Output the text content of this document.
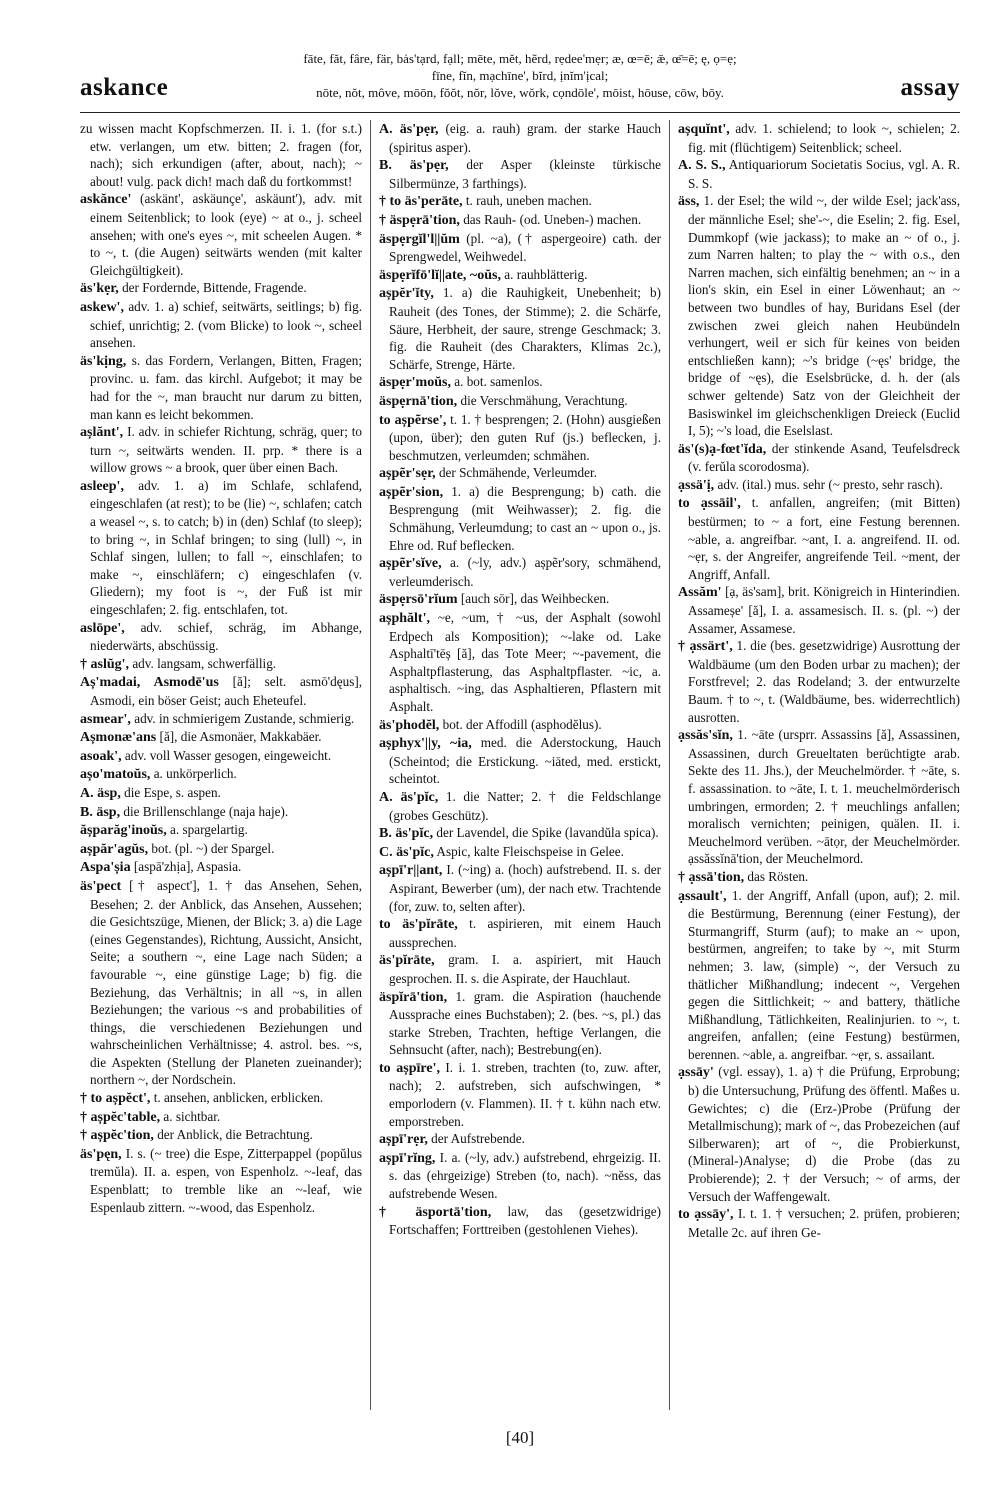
askance
fāte, făt, fâre, fär, bȧs'tạrd, fạll; mēte, mĕt, hẽrd, rẹdee'mẹr; æ, œ=ē; ǣ, œ̄=ē; ę, ọ=ẹ;
fīne, fĭn, mạchīne', bĭrd, ịnĭm'ịcal;
nōte, nŏt, môve, mōōn, fŏŏt, nŏr, lŏve, wŏrk, cọndōle', mōist, hōuse, cōw, bōy.	assay

zu wissen macht Kopfschmerzen. II. i. 1. (for s.t.) etw. verlangen, um etw. bitten; 2. fragen (for, nach); sich erkundigen (after, about, nach); ~ about! vulg. pack dich! mach daß du fortkommst!

askănce' (askänt', askäunçe', askäunt'), adv. mit einem Seitenblick; to look (eye) ~ at o., j. scheel ansehen; with one's eyes ~, mit scheelen Augen. * to ~, t. (die Augen) seitwärts wenden (mit kalter Gleichgültigkeit).

äs'kẹr, der Fordernde, Bittende, Fragende.

askew', adv. 1. a) schief, seitwärts, seitlings; b) fig. schief, unrichtig; 2. (vom Blicke) to look ~, scheel ansehen.

äs'kịng, s. das Fordern, Verlangen, Bitten, Fragen; provinc. u. fam. das kirchl. Aufgebot; it may be had for the ~, man braucht nur darum zu bitten, man kann es leicht bekommen.

așlănt', I. adv. in schiefer Richtung, schräg, quer; to turn ~, seitwärts wenden. II. prp. * there is a willow grows ~ a brook, quer über einen Bach.

asleep', adv. 1. a) im Schlafe, schlafend, eingeschlafen (at rest); to be (lie) ~, schlafen; catch a weasel ~, s. to catch; b) in (den) Schlaf (to sleep); to bring ~, in Schlaf bringen; to sing (lull) ~, in Schlaf singen, lullen; to fall ~, einschlafen; to make ~, einschläfern; c) eingeschlafen (v. Gliedern); my foot is ~, der Fuß ist mir eingeschlafen; 2. fig. entschlafen, tot.

aslōpe', adv. schief, schräg, im Abhange, niederwärts, abschüssig.

† aslŭg', adv. langsam, schwerfällig.

Aș'madai, Asmodē'us [ă]; selt. asmō'dęus], Asmodi, ein böser Geist; auch Eheteufel.

asmear', adv. in schmierigem Zustande, schmierig.

Așmonæ'ans [ă], die Asmonäer, Makkabäer.

asoak', adv. voll Wasser gesogen, eingeweicht.

așo'matoŭs, a. unkörperlich.

A. äsp, die Espe, s. aspen.

B. äsp, die Brillenschlange (naja haje).

ășparăg'inoŭs, a. spargelartig.

așpăr'agŭs, bot. (pl. ~) der Spargel.

Aspa'șia [aspā'zhịa], Aspasia.

äs'pect [† aspect'], 1. † das Ansehen, Sehen, Besehen; 2. der Anblick, das Ansehen, Aussehen; die Gesichtszüge, Mienen, der Blick; 3. a) die Lage (eines Gegenstandes), Richtung, Aussicht, Ansicht, Seite; a southern ~, eine Lage nach Süden; a favourable ~, eine günstige Lage; b) fig. die Beziehung, das Verhältnis; in all ~s, in allen Beziehungen; the various ~s and probabilities of things, die verschiedenen Beziehungen und wahrscheinlichen Verhältnisse; 4. astrol. bes. ~s, die Aspekten (Stellung der Planeten zueinander); northern ~, der Nordschein.

† to așpĕct', t. ansehen, anblicken, erblicken.

† așpĕc'table, a. sichtbar.

† așpĕc'tion, der Anblick, die Betrachtung.

äs'pęn, I. s. (~ tree) die Espe, Zitterpappel (popŭlus tremŭla). II. a. espen, von Espenholz. ~-leaf, das Espenblatt; to tremble like an ~-leaf, wie Espenlaub zittern. ~-wood, das Espenholz.

A. äs'pẹr, (eig. a. rauh) gram. der starke Hauch (spiritus asper).

B. äs'pẹr, der Asper (kleinste türkische Silbermünze, 3 farthings).

† to äs'perāte, t. rauh, uneben machen.

† äspẹrā'tion, das Rauh- (od. Uneben-) machen.

äspẹrgĭl'l||ŭm (pl. ~a), († aspergeoire) cath. der Sprengwedel, Weihwedel.

äspẹrĭfō'lĭ||ate, ~oŭs, a. rauhblätterig.

așpĕr'ĭty, 1. a) die Rauhigkeit, Unebenheit; b) Rauheit (des Tones, der Stimme); 2. die Schärfe, Säure, Herbheit, der saure, strenge Geschmack; 3. fig. die Rauheit (des Charakters, Klimas 2c.), Schärfe, Strenge, Härte.

äspẹr'moŭs, a. bot. samenlos.

äspẹrnā'tion, die Verschmähung, Verachtung.

to așpẽrse', t. 1. † besprengen; 2. (Hohn) ausgießen (upon, über); den guten Ruf (js.) beflecken, j. beschmutzen, verleumden; schmähen.

așpẽr'sẹr, der Schmähende, Verleumder.

așpẽr'sion, 1. a) die Besprengung; b) cath. die Besprengung (mit Weihwasser); 2. fig. die Schmähung, Verleumdung; to cast an ~ upon o., js. Ehre od. Ruf beflecken.

așpẽr'sĭve, a. (~ly, adv.) așpẽr'sory, schmähend, verleumderisch.

äspẹrsō'rĭum [auch sōr], das Weihbecken.

așphălt', ~e, ~um, † ~us, der Asphalt (sowohl Erdpech als Komposition); ~-lake od. Lake Asphaltī'tēș [ă], das Tote Meer; ~-pavement, die Asphaltpflasterung, das Asphaltpflaster. ~ic, a. asphaltisch. ~ing, das Asphaltieren, Pflastern mit Asphalt.

äs'phodĕl, bot. der Affodill (asphodĕlus).

așphyx'||y, ~ia, med. die Aderstockung, Hauch (Scheintod; die Erstickung. ~iāted, med. erstickt, scheintot.

A. äs'pĭc, 1. die Natter; 2. † die Feldschlange (grobes Geschütz).

B. äs'pĭc, der Lavendel, die Spike (lavandŭla spica).

C. äs'pĭc, Aspic, kalte Fleischspeise in Gelee.

așpī'r||ant, I. (~ing) a. (hoch) aufstrebend. II. s. der Aspirant, Bewerber (um), der nach etw. Trachtende (for, zuw. to, selten after).

to äs'pĭrāte, t. aspirieren, mit einem Hauch aussprechen.

äs'pĭrāte, gram. I. a. aspiriert, mit Hauch gesprochen. II. s. die Aspirate, der Hauchlaut.

äspĭrā'tion, 1. gram. die Aspiration (hauchende Aussprache eines Buchstaben); 2. (bes. ~s, pl.) das starke Streben, Trachten, heftige Verlangen, die Sehnsucht (after, nach); Bestrebung(en).

to așpīre', I. i. 1. streben, trachten (to, zuw. after, nach); 2. aufstreben, sich aufschwingen, * emporlodern (v. Flammen). II. † t. kühn nach etw. emporstreben.

așpī'rẹr, der Aufstrebende.

așpī'rĭng, I. a. (~ly, adv.) aufstrebend, ehrgeizig. II. s. das (ehrgeizige) Streben (to, nach). ~nĕss, das aufstrebende Wesen.

† äsportā'tion, law, das (gesetzwidrige) Fortschaffen; Forttreiben (gestohlenen Viehes).

așquĭnt', adv. 1. schielend; to look ~, schielen; 2. fig. mit (flüchtigem) Seitenblick; scheel.

A. S. S., Antiquariorum Societatis Socius, vgl. A. R. S. S.

äss, 1. der Esel; the wild ~, der wilde Esel; jack'ass, der männliche Esel; she'-~, die Eselin; 2. fig. Esel, Dummkopf (wie jackass); to make an ~ of o., j. zum Narren halten; to play the ~ with o.s., den Narren machen, sich einfältig benehmen; an ~ in a lion's skin, ein Esel in einer Löwenhaut; an ~ between two bundles of hay, Buridans Esel (der zwischen zwei gleich nahen Heubündeln verhungert, weil er sich für keines von beiden entschließen kann); ~'s bridge (~ęs' bridge, the bridge of ~ęs), die Eselsbrücke, d. h. der (als schwer geltende) Satz von der Gleichheit der Basiswinkel im gleichschenkligen Dreieck (Euclid I, 5); ~'s load, die Eselslast.

äs'(s)ạ-fœt'ĭda, der stinkende Asand, Teufelsdreck (v. ferŭla scorodosma).

ạssä'ị, adv. (ital.) mus. sehr (~ presto, sehr rasch).

to ạssāil', t. anfallen, angreifen; (mit Bitten) bestürmen; to ~ a fort, eine Festung berennen. ~able, a. angreifbar. ~ant, I. a. angreifend. II. od. ~ẹr, s. der Angreifer, angreifende Teil. ~ment, der Angriff, Anfall.

Assăm' [ạ, äs'sam], brit. Königreich in Hinterindien. Assameșe' [ă], I. a. assamesisch. II. s. (pl. ~) der Assamer, Assamese.

† ạssärt', 1. die (bes. gesetzwidrige) Ausrottung der Waldbäume (um den Boden urbar zu machen); der Forstfrevel; 2. das Rodeland; 3. der entwurzelte Baum. † to ~, t. (Waldbäume, bes. widerrechtlich) ausrotten.

ạssăs'sĭn, 1. ~āte (ursprr. Assassins [ă], Assassinen, Assassinen, durch Greueltaten berüchtigte arab. Sekte des 11. Jhs.), der Meuchelmörder. † ~āte, s. f. assassination. to ~āte, I. t. 1. meuchelmörderisch umbringen, ermorden; 2. † meuchlings anfallen; moralisch vernichten; peinigen, quälen. II. i. Meuchelmord verüben. ~ātọr, der Meuchelmörder. ạssăssĭnā'tion, der Meuchelmord.

† ạssā'tion, das Rösten.

ạssault', 1. der Angriff, Anfall (upon, auf); 2. mil. die Bestürmung, Berennung (einer Festung), der Sturmangriff, Sturm (auf); to make an ~ upon, bestürmen, angreifen; to take by ~, mit Sturm nehmen; 3. law, (simple) ~, der Versuch zu thätlicher Mißhandlung; indecent ~, Vergehen gegen die Sittlichkeit; ~ and battery, thätliche Mißhandlung, Tätlichkeiten, Realinjurien. to ~, t. angreifen, anfallen; (eine Festung) bestürmen, berennen. ~able, a. angreifbar. ~ẹr, s. assailant.

ạssāy' (vgl. essay), 1. a) † die Prüfung, Erprobung; b) die Untersuchung, Prüfung des öffentl. Maßes u. Gewichtes; c) die (Erz-)Probe (Prüfung der Metallmischung); mark of ~, das Probezeichen (auf Silberwaren); art of ~, die Probierkunst, (Mineral-)Analyse; d) die Probe (das zu Probierende); 2. † der Versuch; ~ of arms, der Versuch der Waffengewalt.

to ạssāy', I. t. 1. † versuchen; 2. prüfen, probieren; Metalle 2c. auf ihren Ge-

[40]
